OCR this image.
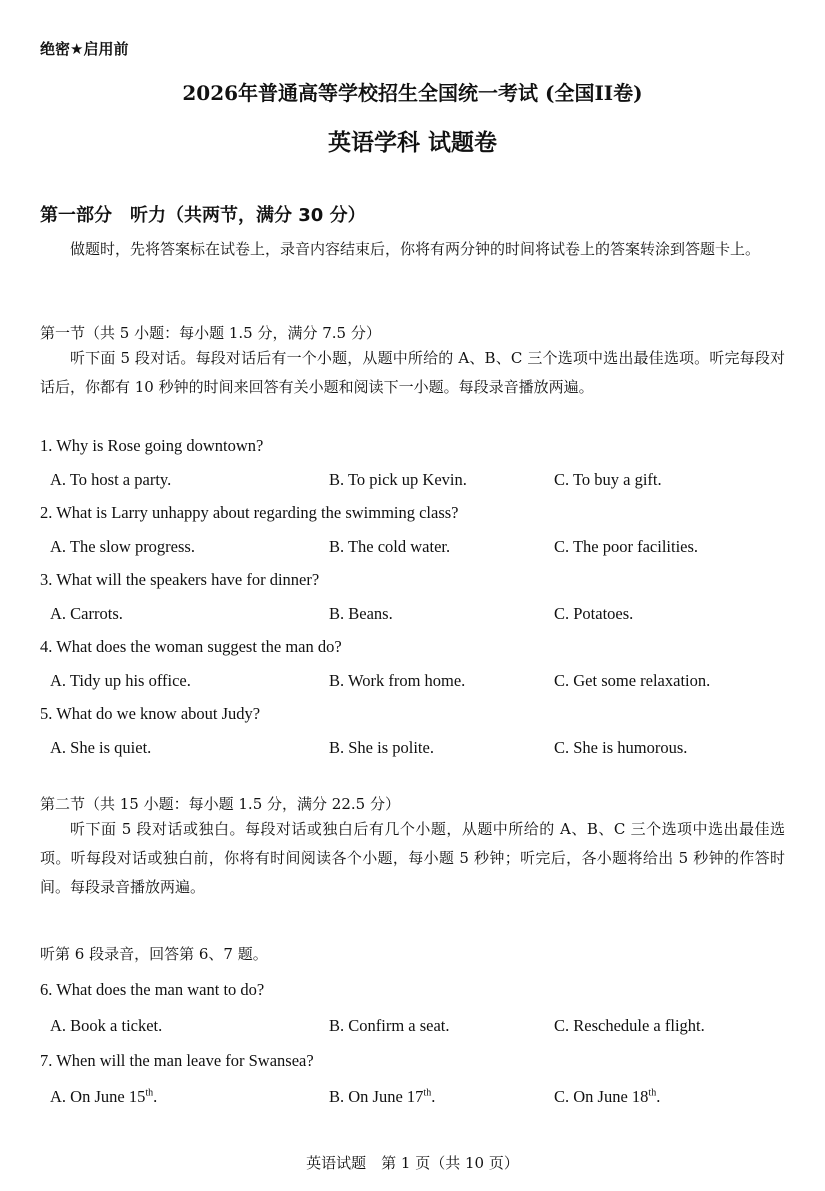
绝密★启用前
2026年普通高等学校招生全国统一考试 (全国II卷)
英语学科 试题卷
第一部分　听力（共两节，满分 30 分）
做题时，先将答案标在试卷上，录音内容结束后，你将有两分钟的时间将试卷上的答案转涂到答题卡上。
第一节（共 5 小题：每小题 1.5 分，满分 7.5 分）
听下面 5 段对话。每段对话后有一个小题，从题中所给的 A、B、C 三个选项中选出最佳选项。听完每段对话后，你都有 10 秒钟的时间来回答有关小题和阅读下一小题。每段录音播放两遍。
1. Why is Rose going downtown?
A. To host a party.	B. To pick up Kevin.	C. To buy a gift.
2. What is Larry unhappy about regarding the swimming class?
A. The slow progress.	B. The cold water.	C. The poor facilities.
3. What will the speakers have for dinner?
A. Carrots.	B. Beans.	C. Potatoes.
4. What does the woman suggest the man do?
A. Tidy up his office.	B. Work from home.	C. Get some relaxation.
5. What do we know about Judy?
A. She is quiet.	B. She is polite.	C. She is humorous.
第二节（共 15 小题：每小题 1.5 分，满分 22.5 分）
听下面 5 段对话或独白。每段对话或独白后有几个小题，从题中所给的 A、B、C 三个选项中选出最佳选项。听每段对话或独白前，你将有时间阅读各个小题，每小题 5 秒钟；听完后，各小题将给出 5 秒钟的作答时间。每段录音播放两遍。
听第 6 段录音，回答第 6、7 题。
6. What does the man want to do?
A. Book a ticket.	B. Confirm a seat.	C. Reschedule a flight.
7. When will the man leave for Swansea?
A. On June 15th.	B. On June 17th.	C. On June 18th.
英语试题　第 1 页（共 10 页）
